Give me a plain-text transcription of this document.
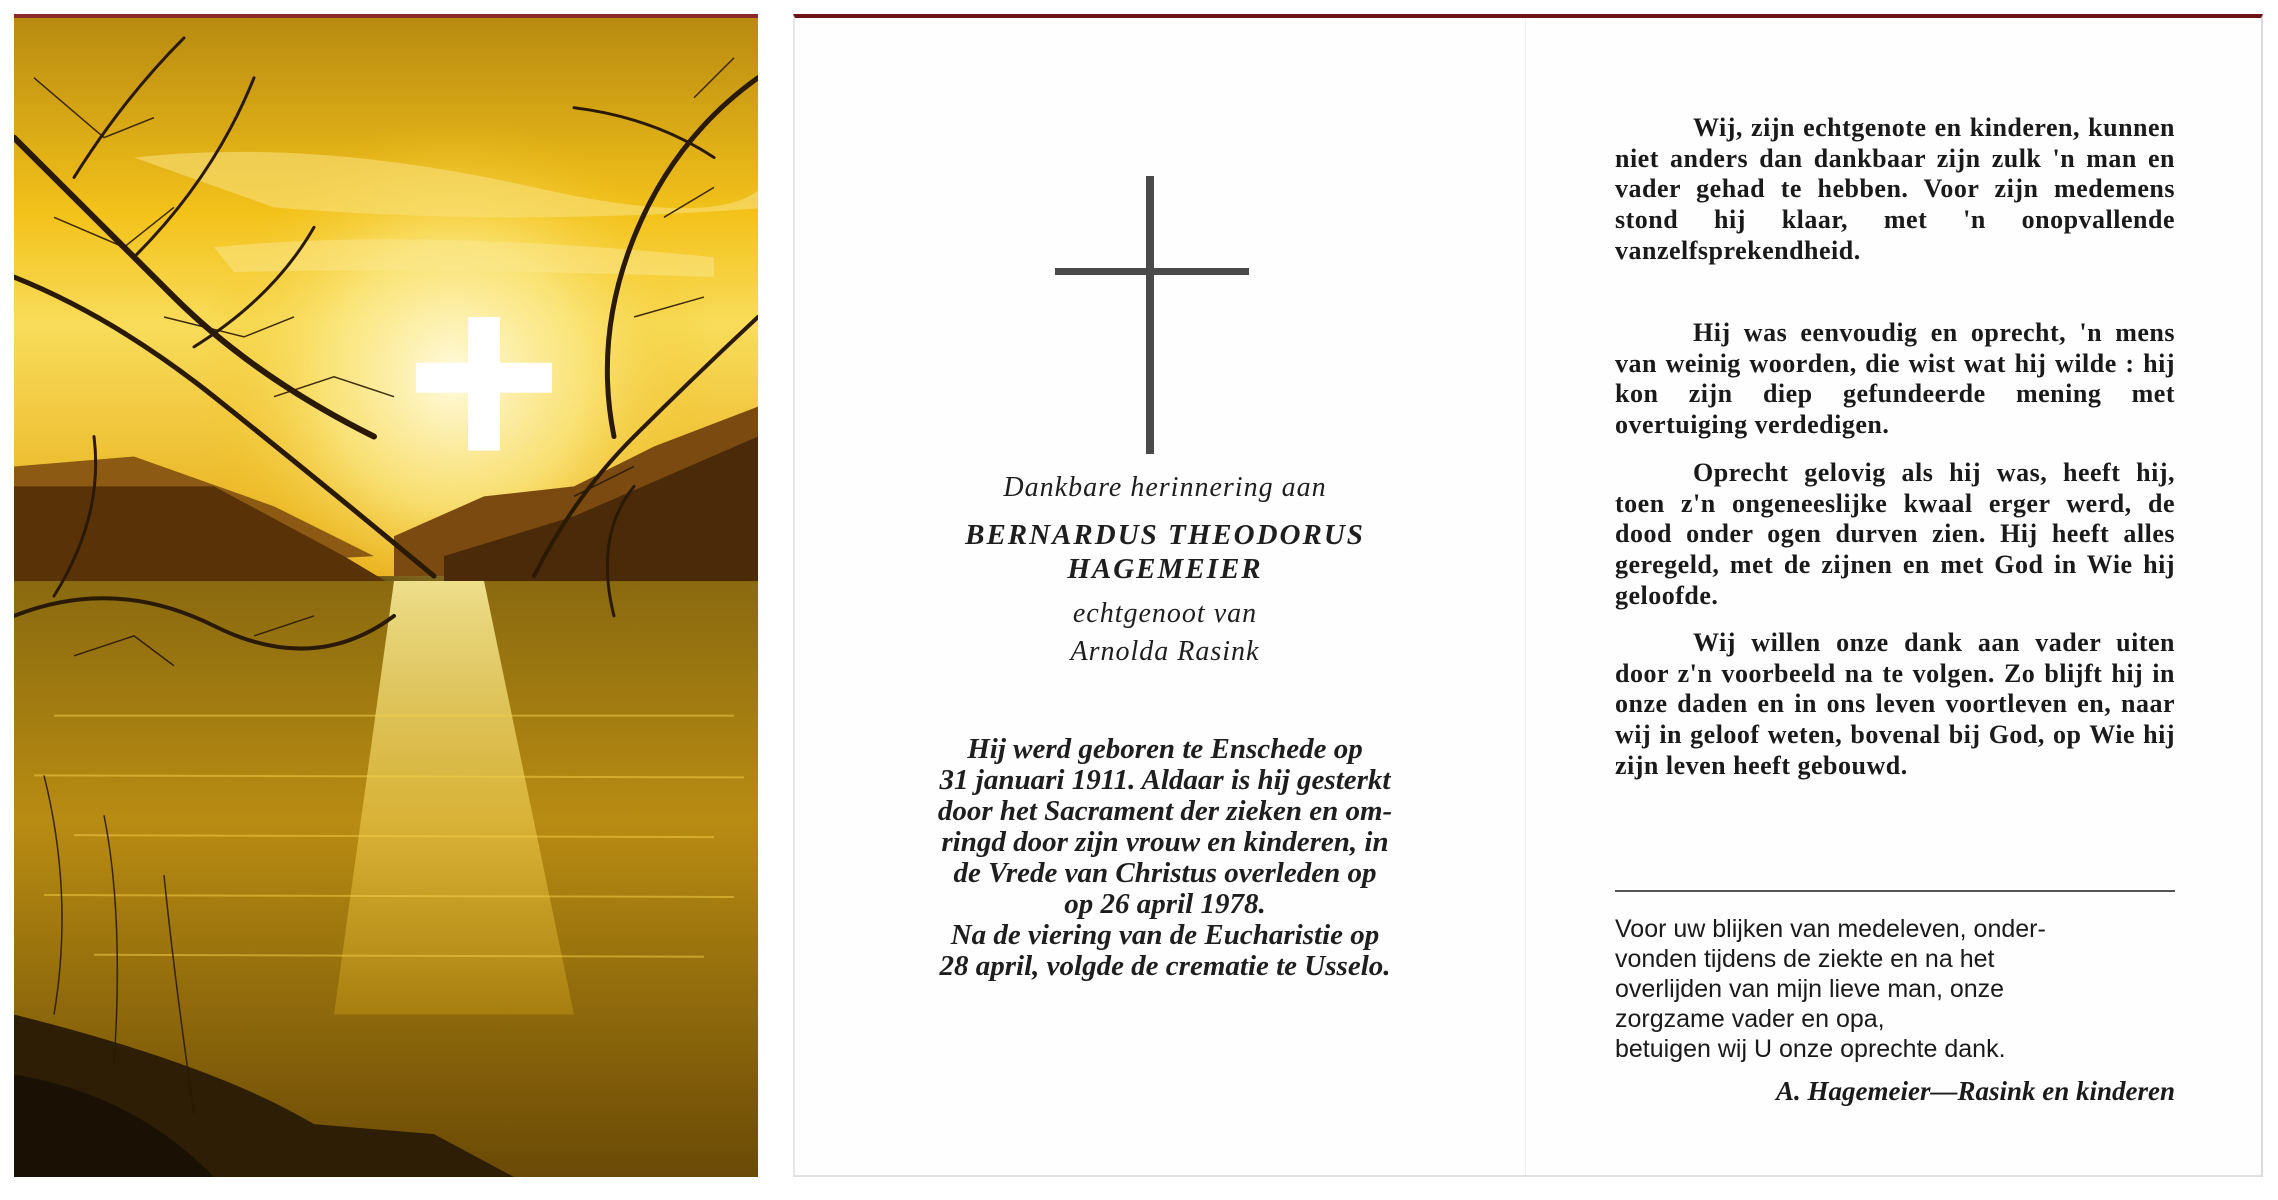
Dankbare herinnering aan
BERNARDUS THEODORUS
HAGEMEIER
echtgenoot van
Arnolda Rasink
Hij werd geboren te Enschede op
31 januari 1911. Aldaar is hij gesterkt
door het Sacrament der zieken en om-
ringd door zijn vrouw en kinderen, in
de Vrede van Christus overleden op
op 26 april 1978.
Na de viering van de Eucharistie op
28 april, volgde de crematie te Usselo.

Wij, zijn echtgenote en kinderen, kunnen niet anders dan dankbaar zijn zulk 'n man en vader gehad te hebben. Voor zijn medemens stond hij klaar, met 'n onopvallende vanzelfsprekendheid.

Hij was eenvoudig en oprecht, 'n mens van weinig woorden, die wist wat hij wilde : hij kon zijn diep gefundeerde mening met overtuiging verdedigen.

Oprecht gelovig als hij was, heeft hij, toen z'n ongeneeslijke kwaal erger werd, de dood onder ogen durven zien. Hij heeft alles geregeld, met de zijnen en met God in Wie hij geloofde.

Wij willen onze dank aan vader uiten door z'n voorbeeld na te volgen. Zo blijft hij in onze daden en in ons leven voortleven en, naar wij in geloof weten, bovenal bij God, op Wie hij zijn leven heeft gebouwd.

Voor uw blijken van medeleven, onder-
vonden tijdens de ziekte en na het
overlijden van mijn lieve man, onze
zorgzame vader en opa,
betuigen wij U onze oprechte dank.
A. Hagemeier—Rasink en kinderen
